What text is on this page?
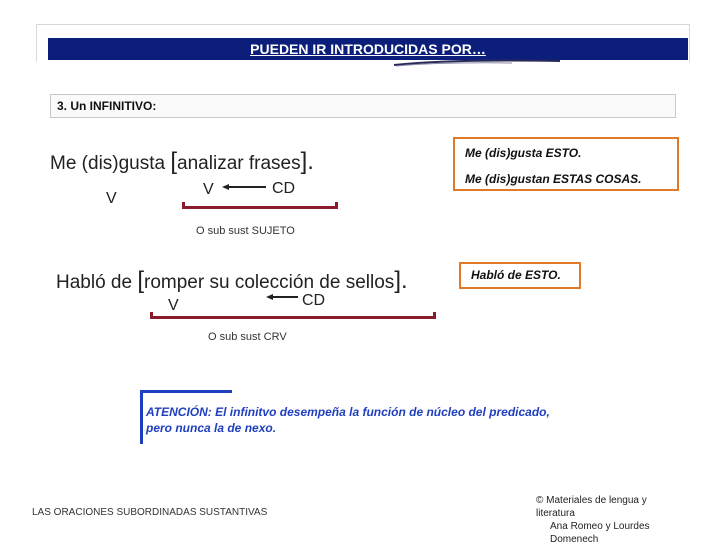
PUEDEN IR INTRODUCIDAS POR…
3. Un INFINITIVO:
Me (dis)gusta [analizar frases].
V
V	CD
O sub sust SUJETO
Me (dis)gusta ESTO.
Me (dis)gustan ESTAS COSAS.
Habló de [romper su colección de sellos].
V	CD
O sub sust CRV
Habló de ESTO.
ATENCIÓN: El infinitvo desempeña la función de núcleo del predicado, pero nunca la de nexo.
LAS ORACIONES SUBORDINADAS SUSTANTIVAS
© Materiales de lengua y literatura
Ana Romeo y Lourdes Domenech
